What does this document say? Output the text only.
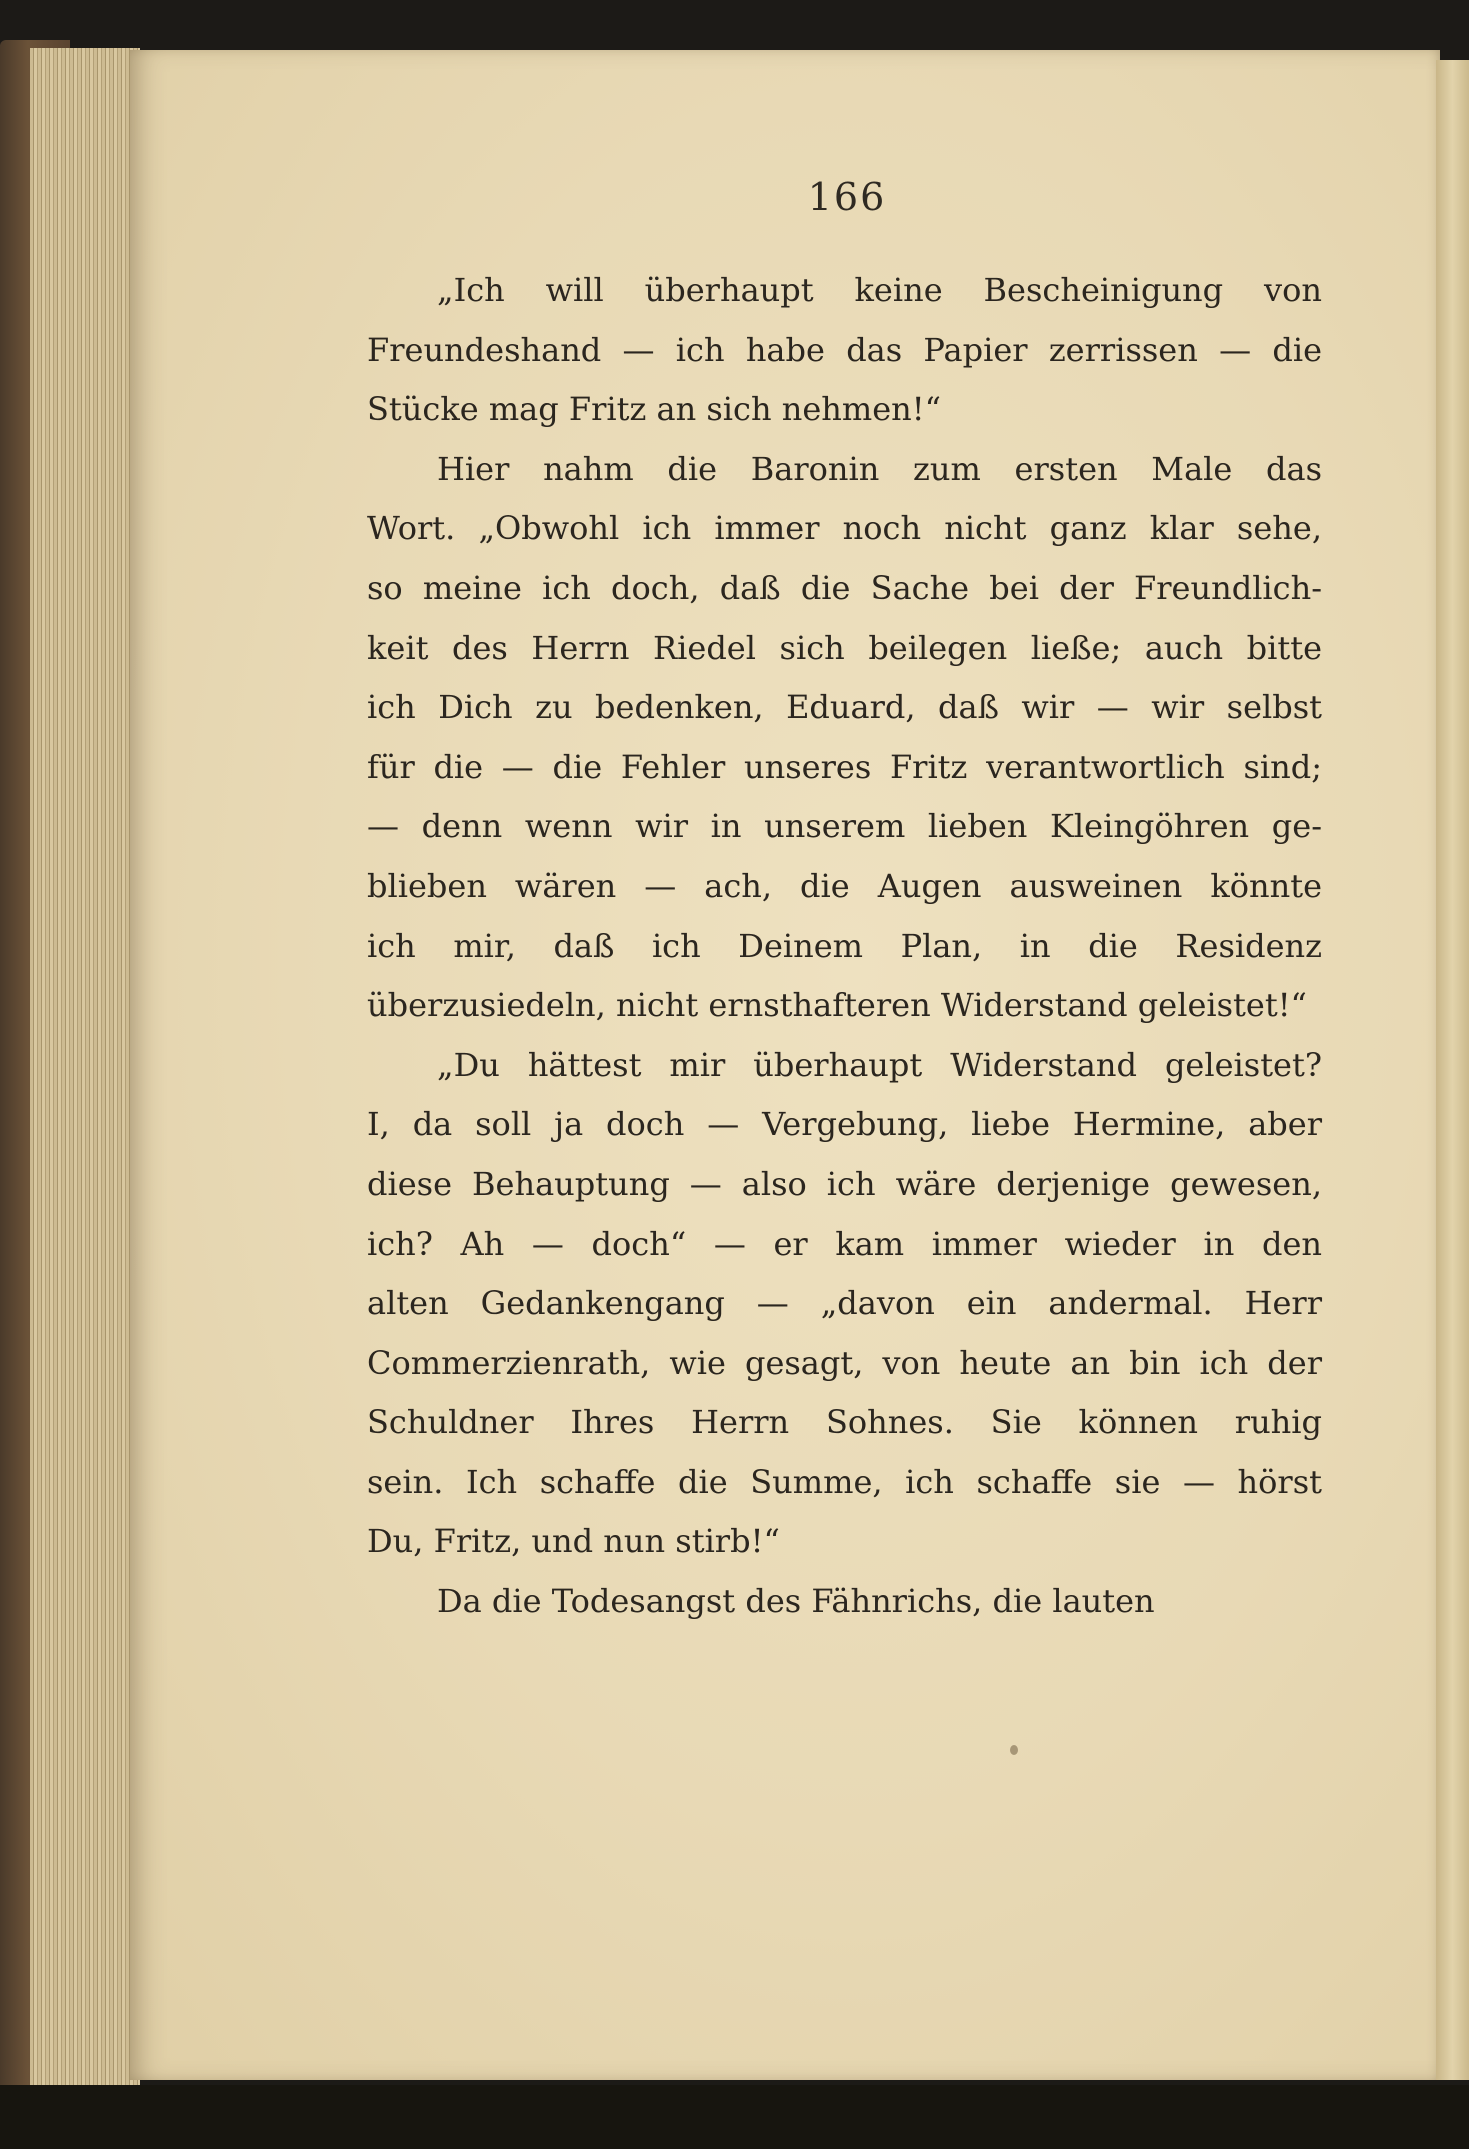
166
„Ich will überhaupt keine Bescheinigung von
Freundeshand — ich habe das Papier zerrissen — die
Stücke mag Fritz an sich nehmen!“
Hier nahm die Baronin zum ersten Male das
Wort. „Obwohl ich immer noch nicht ganz klar sehe,
so meine ich doch, daß die Sache bei der Freundlich-
keit des Herrn Riedel sich beilegen ließe; auch bitte
ich Dich zu bedenken, Eduard, daß wir — wir selbst
für die — die Fehler unseres Fritz verantwortlich sind;
— denn wenn wir in unserem lieben Kleingöhren ge-
blieben wären — ach, die Augen ausweinen könnte
ich mir, daß ich Deinem Plan, in die Residenz
überzusiedeln, nicht ernsthafteren Widerstand geleistet!“
„Du hättest mir überhaupt Widerstand geleistet?
I, da soll ja doch — Vergebung, liebe Hermine, aber
diese Behauptung — also ich wäre derjenige gewesen,
ich? Ah — doch“ — er kam immer wieder in den
alten Gedankengang — „davon ein andermal. Herr
Commerzienrath, wie gesagt, von heute an bin ich der
Schuldner Ihres Herrn Sohnes. Sie können ruhig
sein. Ich schaffe die Summe, ich schaffe sie — hörst
Du, Fritz, und nun stirb!“
Da die Todesangst des Fähnrichs, die lauten
